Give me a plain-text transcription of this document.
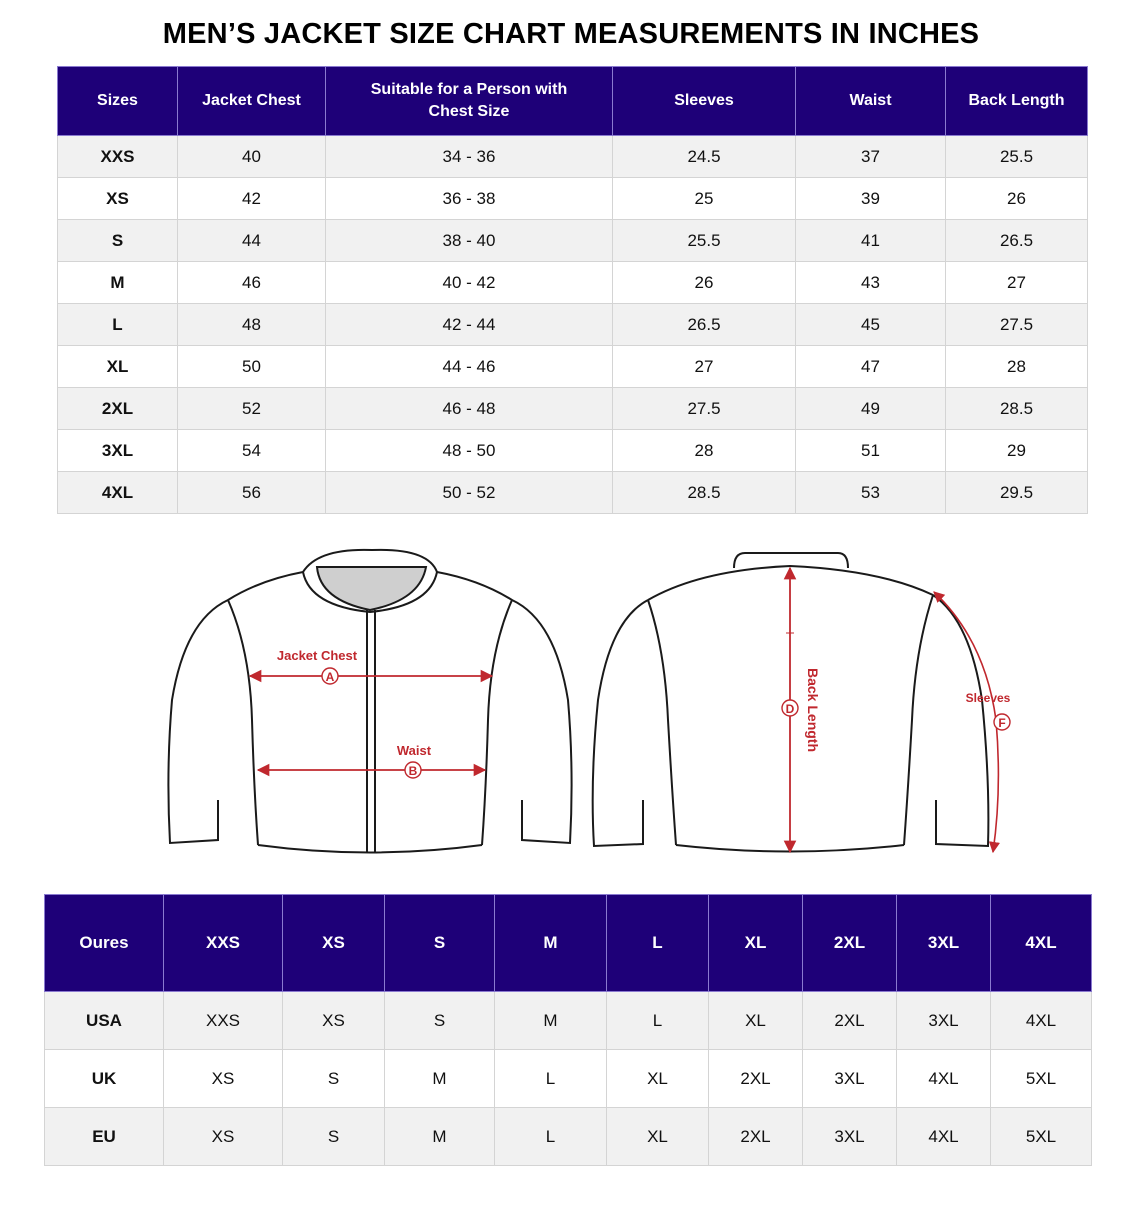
MEN’S JACKET SIZE CHART MEASUREMENTS IN INCHES
Sizes	Jacket Chest	Suitable for a Person with Chest Size	Sleeves	Waist	Back Length
XXS	40	34 - 36	24.5	37	25.5
XS	42	36 - 38	25	39	26
S	44	38 - 40	25.5	41	26.5
M	46	40 - 42	26	43	27
L	48	42 - 44	26.5	45	27.5
XL	50	44 - 46	27	47	28
2XL	52	46 - 48	27.5	49	28.5
3XL	54	48 - 50	28	51	29
4XL	56	50 - 52	28.5	53	29.5
A
Jacket Chest
B
Waist
D Back Length	F
Sleeves
Oures	XXS	XS	S	M	L	XL	2XL	3XL	4XL
USA	XXS	XS	S	M	L	XL	2XL	3XL	4XL
UK	XS	S	M	L	XL	2XL	3XL	4XL	5XL
EU	XS	S	M	L	XL	2XL	3XL	4XL	5XL
